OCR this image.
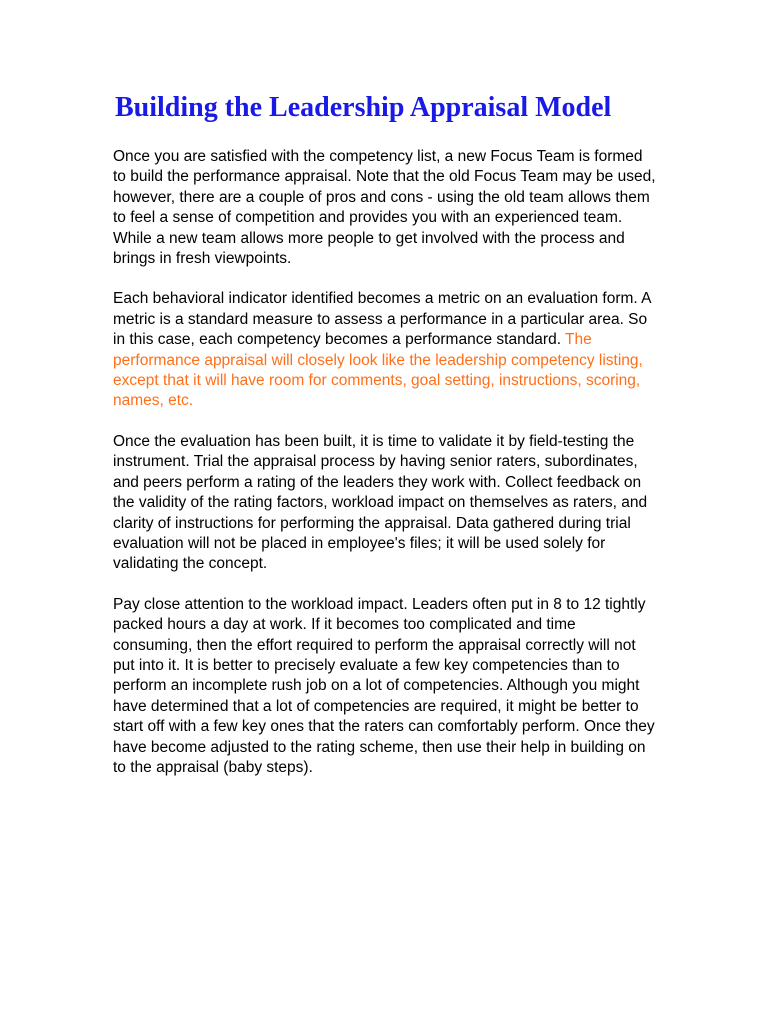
Building the Leadership Appraisal Model

Once you are satisfied with the competency list, a new Focus Team is formed to build the performance appraisal. Note that the old Focus Team may be used, however, there are a couple of pros and cons - using the old team allows them to feel a sense of competition and provides you with an experienced team. While a new team allows more people to get involved with the process and brings in fresh viewpoints.

Each behavioral indicator identified becomes a metric on an evaluation form. A metric is a standard measure to assess a performance in a particular area. So in this case, each competency becomes a performance standard. The performance appraisal will closely look like the leadership competency listing, except that it will have room for comments, goal setting, instructions, scoring, names, etc.

Once the evaluation has been built, it is time to validate it by field-testing the instrument. Trial the appraisal process by having senior raters, subordinates, and peers perform a rating of the leaders they work with. Collect feedback on the validity of the rating factors, workload impact on themselves as raters, and clarity of instructions for performing the appraisal. Data gathered during trial evaluation will not be placed in employee's files; it will be used solely for validating the concept.

Pay close attention to the workload impact. Leaders often put in 8 to 12 tightly packed hours a day at work. If it becomes too complicated and time consuming, then the effort required to perform the appraisal correctly will not put into it. It is better to precisely evaluate a few key competencies than to perform an incomplete rush job on a lot of competencies. Although you might have determined that a lot of competencies are required, it might be better to start off with a few key ones that the raters can comfortably perform. Once they have become adjusted to the rating scheme, then use their help in building on to the appraisal (baby steps).
